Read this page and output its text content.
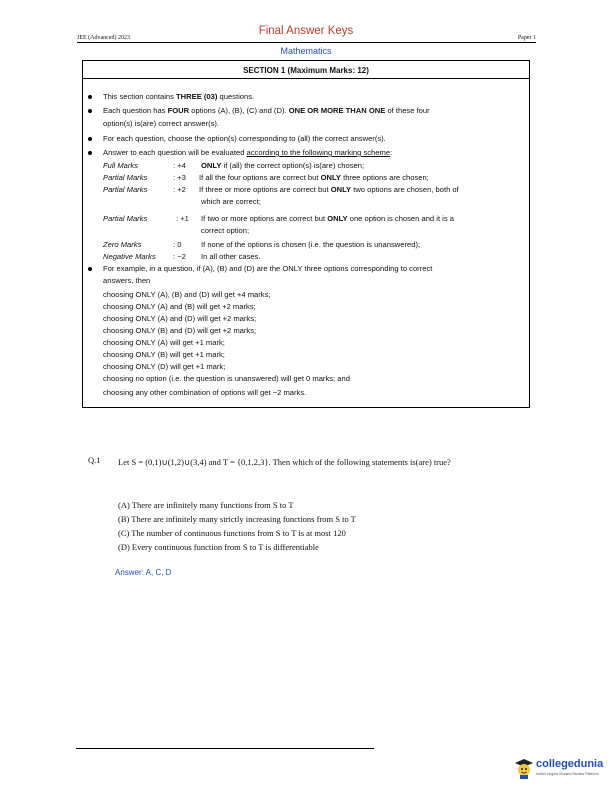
JEE (Advanced) 2023
Final Answer Keys
Paper 1
Mathematics
SECTION 1 (Maximum Marks: 12)
This section contains THREE (03) questions.
Each question has FOUR options (A), (B), (C) and (D). ONE OR MORE THAN ONE of these four
option(s) is(are) correct answer(s).
For each question, choose the option(s) corresponding to (all) the correct answer(s).
Answer to each question will be evaluated according to the following marking scheme:
Full Marks	: +4 ONLY if (all) the correct option(s) is(are) chosen;
Partial Marks	: +3 If all the four options are correct but ONLY three options are chosen;
Partial Marks	: +2 If three or more options are correct but ONLY two options are chosen, both of
which are correct;
Partial Marks	: +1 If two or more options are correct but ONLY one option is chosen and it is a
correct option;
Zero Marks	: 0	If none of the options is chosen (i.e. the question is unanswered);
Negative Marks : −2 In all other cases.
For example, in a question, if (A), (B) and (D) are the ONLY three options corresponding to correct
answers, then
choosing ONLY (A), (B) and (D) will get +4 marks;
choosing ONLY (A) and (B) will get +2 marks;
choosing ONLY (A) and (D) will get +2 marks;
choosing ONLY (B) and (D) will get +2 marks;
choosing ONLY (A) will get +1 mark;
choosing ONLY (B) will get +1 mark;
choosing ONLY (D) will get +1 mark;
choosing no option (i.e. the question is unanswered) will get 0 marks; and
choosing any other combination of options will get −2 marks.
Q.1 Let S = (0,1)∪(1,2)∪(3,4) and T = {0,1,2,3}. Then which of the following statements is(are) true?
(A) There are infinitely many functions from S to T
(B) There are infinitely many strictly increasing functions from S to T
(C) The number of continuous functions from S to T is at most 120
(D) Every continuous function from S to T is differentiable
Answer: A, C, D
collegedunia
India's largest Student Review Platform
